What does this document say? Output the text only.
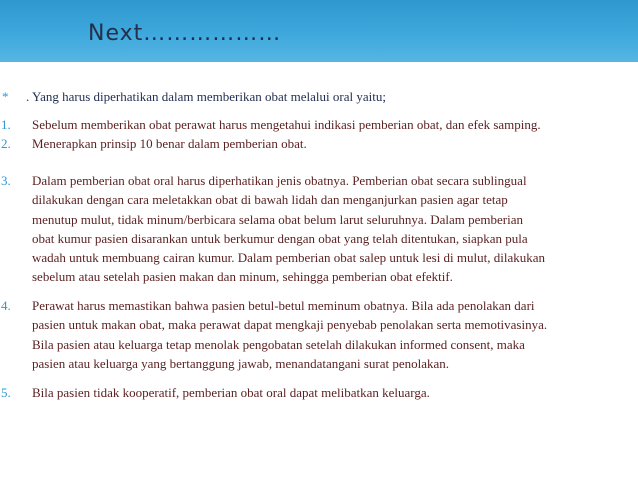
Next………………
* . Yang harus diperhatikan dalam memberikan obat melalui oral yaitu;
1. Sebelum memberikan obat perawat harus mengetahui indikasi pemberian obat, dan efek samping.
2. Menerapkan prinsip 10 benar dalam pemberian obat.
3. Dalam pemberian obat oral harus diperhatikan jenis obatnya. Pemberian obat secara sublingual
dilakukan dengan cara meletakkan obat di bawah lidah dan menganjurkan pasien agar tetap
menutup mulut, tidak minum/berbicara selama obat belum larut seluruhnya. Dalam pemberian
obat kumur pasien disarankan untuk berkumur dengan obat yang telah ditentukan, siapkan pula
wadah untuk membuang cairan kumur. Dalam pemberian obat salep untuk lesi di mulut, dilakukan
sebelum atau setelah pasien makan dan minum, sehingga pemberian obat efektif.
4. Perawat harus memastikan bahwa pasien betul-betul meminum obatnya. Bila ada penolakan dari
pasien untuk makan obat, maka perawat dapat mengkaji penyebab penolakan serta memotivasinya.
Bila pasien atau keluarga tetap menolak pengobatan setelah dilakukan informed consent, maka
pasien atau keluarga yang bertanggung jawab, menandatangani surat penolakan.
5. Bila pasien tidak kooperatif, pemberian obat oral dapat melibatkan keluarga.
